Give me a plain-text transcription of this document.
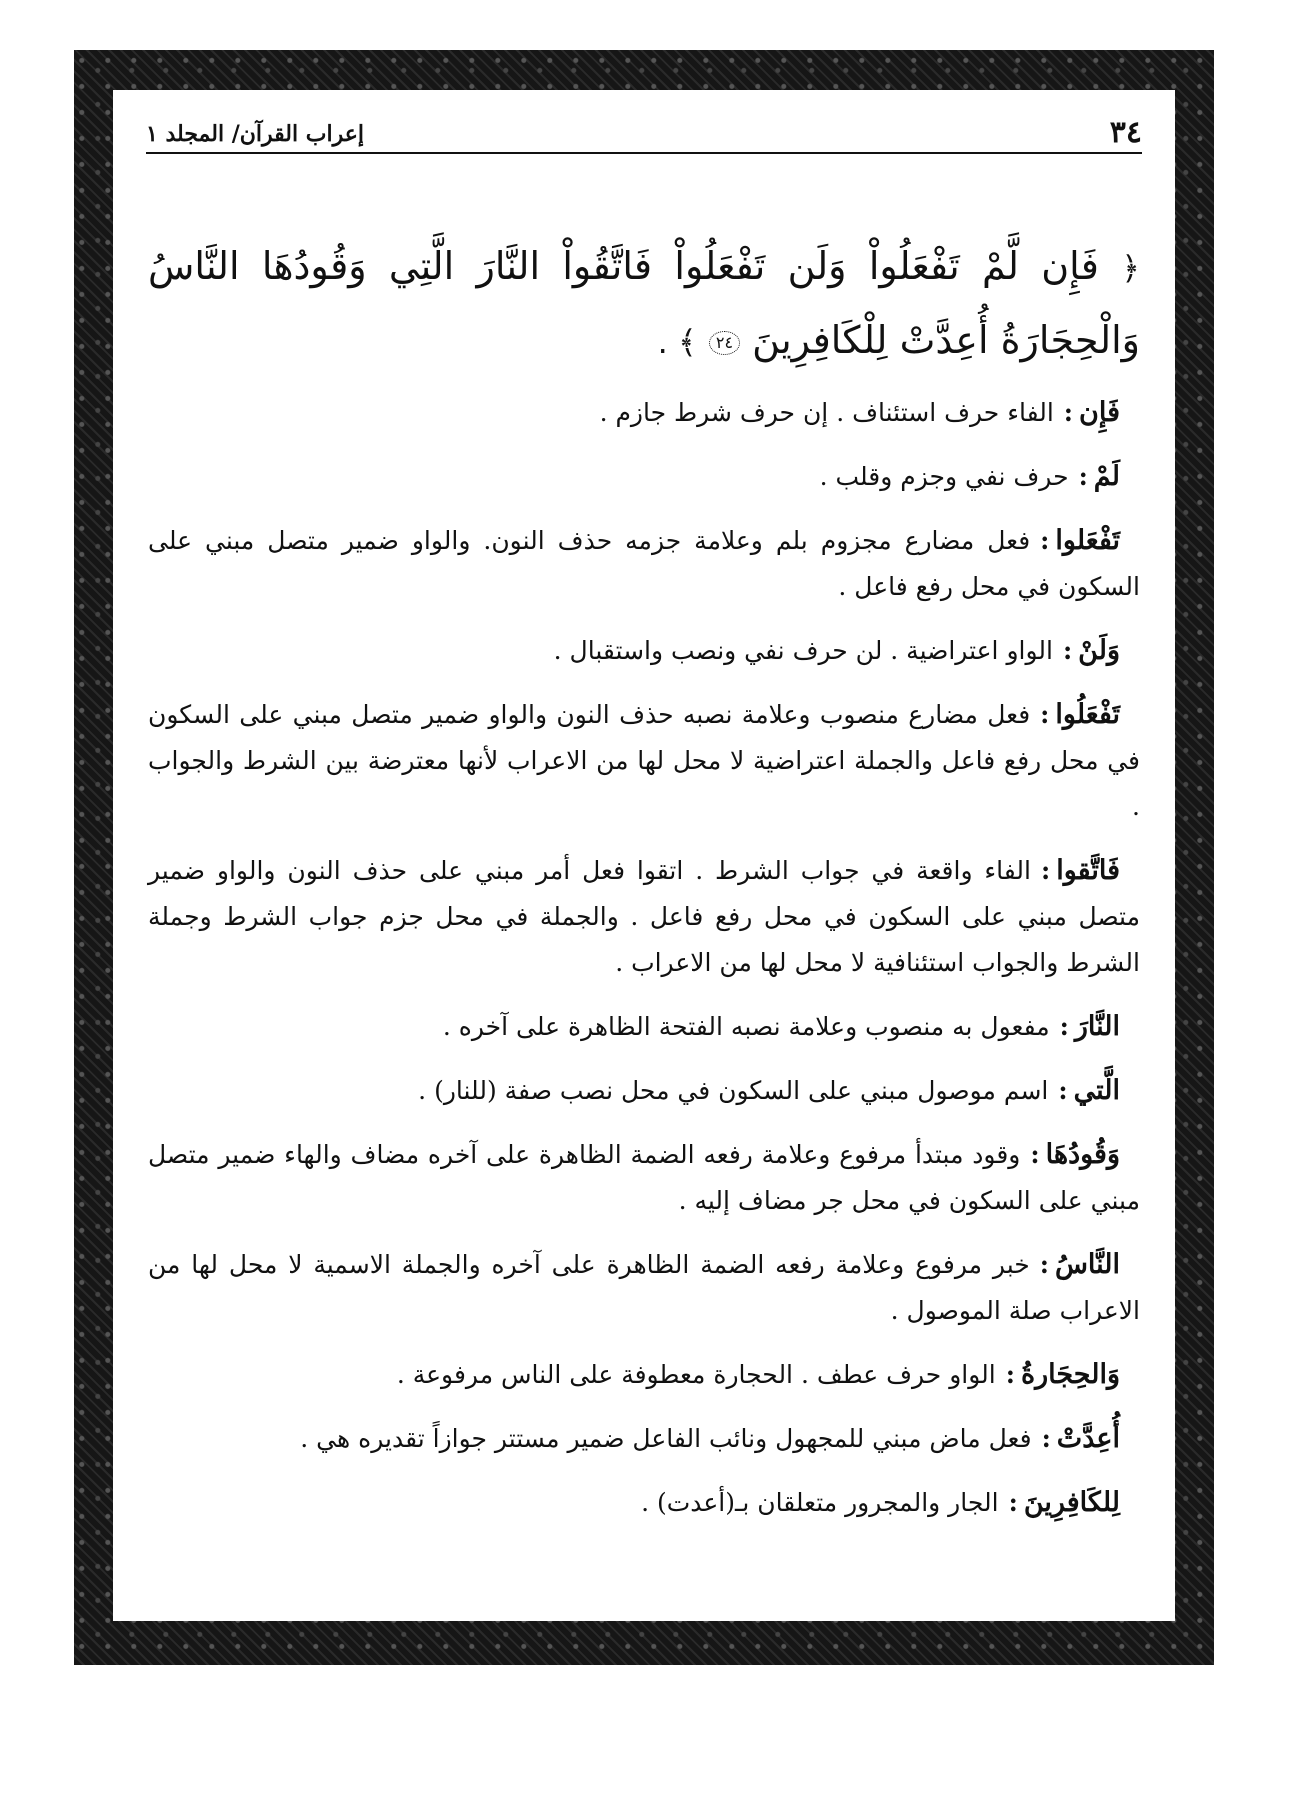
٣٤
إعراب القرآن/ المجلد ١
﴿ فَإِن لَّمْ تَفْعَلُواْ وَلَن تَفْعَلُواْ فَاتَّقُواْ النَّارَ الَّتِي وَقُودُهَا النَّاسُ وَالْحِجَارَةُ أُعِدَّتْ لِلْكَافِرِينَ ٢٤ ﴾ .

فَإِن:الفاء حرف استئناف . إن حرف شرط جازم .

لَمْ:حرف نفي وجزم وقلب .

تَفْعَلوا:فعل مضارع مجزوم بلم وعلامة جزمه حذف النون. والواو ضمير متصل مبني على السكون في محل رفع فاعل .

وَلَنْ:الواو اعتراضية . لن حرف نفي ونصب واستقبال .

تَفْعَلُوا:فعل مضارع منصوب وعلامة نصبه حذف النون والواو ضمير متصل مبني على السكون في محل رفع فاعل والجملة اعتراضية لا محل لها من الاعراب لأنها معترضة بين الشرط والجواب .

فَاتَّقوا:الفاء واقعة في جواب الشرط . اتقوا فعل أمر مبني على حذف النون والواو ضمير متصل مبني على السكون في محل رفع فاعل . والجملة في محل جزم جواب الشرط وجملة الشرط والجواب استئنافية لا محل لها من الاعراب .

النَّارَ:مفعول به منصوب وعلامة نصبه الفتحة الظاهرة على آخره .

الَّتي:اسم موصول مبني على السكون في محل نصب صفة (للنار) .

وَقُودُهَا:وقود مبتدأ مرفوع وعلامة رفعه الضمة الظاهرة على آخره مضاف والهاء ضمير متصل مبني على السكون في محل جر مضاف إليه .

النَّاسُ:خبر مرفوع وعلامة رفعه الضمة الظاهرة على آخره والجملة الاسمية لا محل لها من الاعراب صلة الموصول .

وَالحِجَارةُ:الواو حرف عطف . الحجارة معطوفة على الناس مرفوعة .

أُعِدَّتْ:فعل ماض مبني للمجهول ونائب الفاعل ضمير مستتر جوازاً تقديره هي .

لِلكَافِرِينَ:الجار والمجرور متعلقان بـ(أعدت) .
